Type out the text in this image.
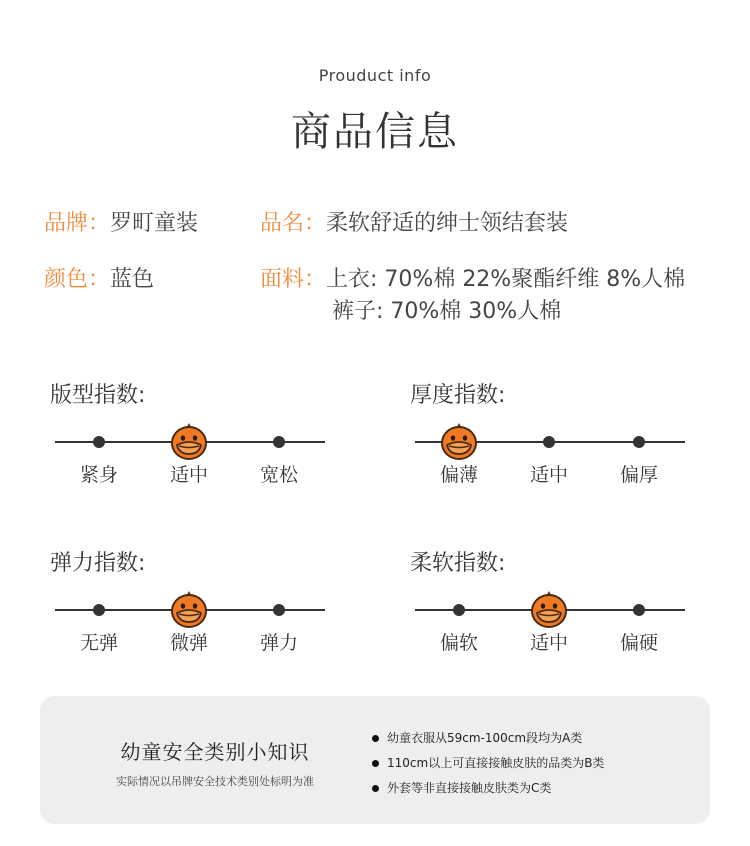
Prouduct info
商品信息
品牌：罗町童装	品名：柔软舒适的绅士领结套装
颜色：蓝色	面料：上衣: 70%棉 22%聚酯纤维 8%人棉
裤子: 70%棉 30%人棉
版型指数:
紧身	适中	宽松
厚度指数:
偏薄	适中	偏厚
弹力指数:
无弹	微弹	弹力
柔软指数:
偏软	适中	偏硬
幼童安全类别小知识
实际情况以吊牌安全技术类别处标明为准
幼童衣服从59cm-100cm段均为A类
110cm以上可直接接触皮肤的品类为B类
外套等非直接接触皮肤类为C类
